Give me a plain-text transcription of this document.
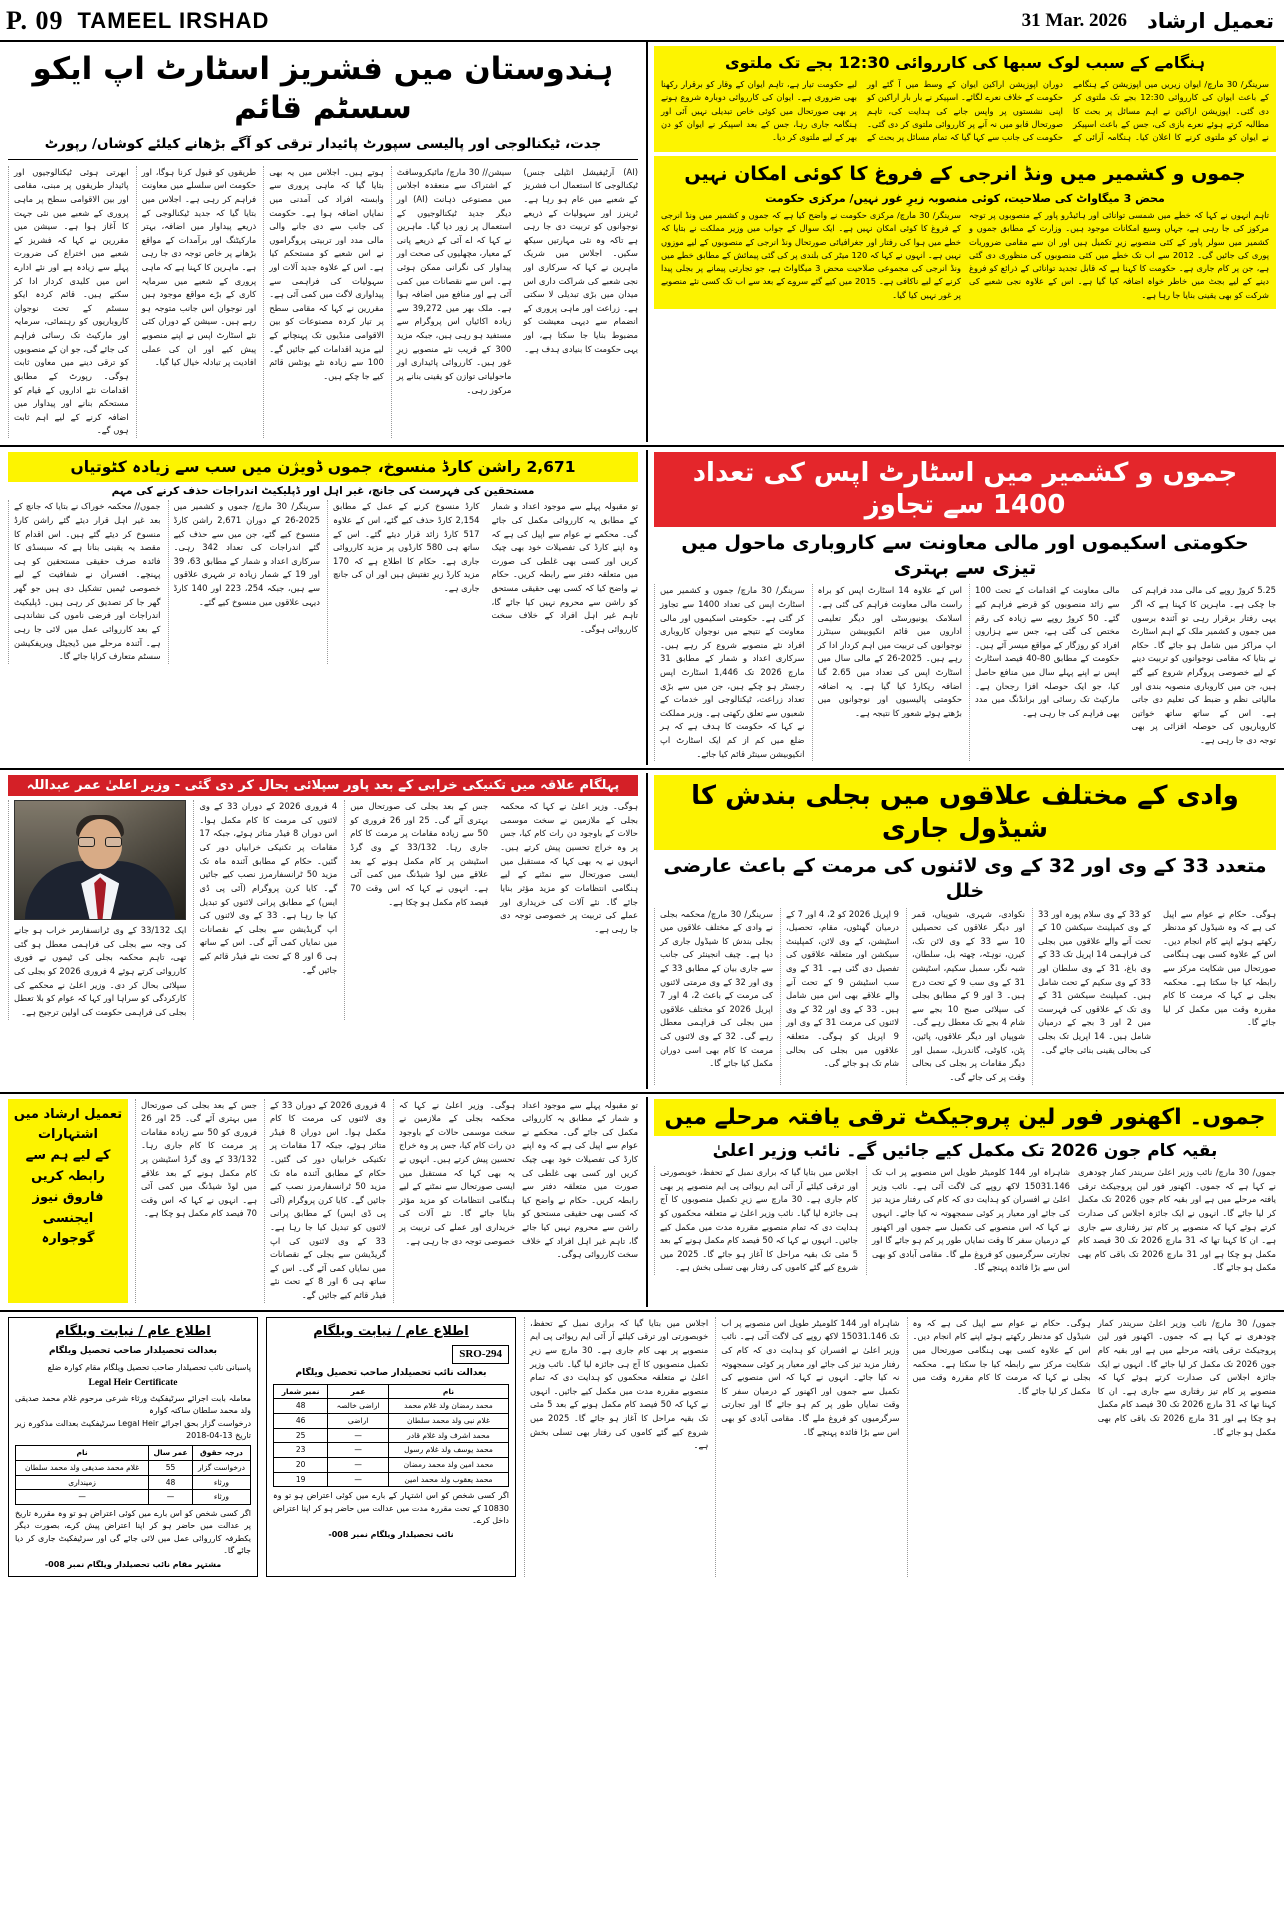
P. 09 TAMEEL IRSHAD	31 Mar. 2026 تعمیل ارشاد
ہندوستان میں فشریز اسٹارٹ اپ ایکو سسٹم قائم
جدت، ٹیکنالوجی اور پالیسی سپورٹ پائیدار ترقی کو آگے بڑھانے کیلئے کوشاں/ رپورٹ
ابھرتی ہوئی ٹیکنالوجیوں اور پائیدار طریقوں پر مبنی، مقامی اور بین الاقوامی سطح پر ماہی پروری کے شعبے میں نئی جہت کا آغاز ہوا ہے۔ سیشن میں مقررین نے کہا کہ فشریز کے شعبے میں اختراع کی ضرورت پہلے سے زیادہ ہے اور نئے ادارے اس میں کلیدی کردار ادا کر سکتے ہیں۔ قائم کردہ ایکو سسٹم کے تحت نوجوان کاروباریوں کو رہنمائی، سرمایہ اور مارکیٹ تک رسائی فراہم کی جائے گی، جو ان کے منصوبوں کو ترقی دینے میں معاون ثابت ہوگی۔ رپورٹ کے مطابق اقدامات نئے اداروں کے قیام کو مستحکم بنانے اور پیداوار میں اضافہ کرنے کے لیے اہم ثابت ہوں گے۔
طریقوں کو قبول کرنا ہوگا، اور حکومت اس سلسلے میں معاونت فراہم کر رہی ہے۔ اجلاس میں بتایا گیا کہ جدید ٹیکنالوجی کے ذریعے پیداوار میں اضافہ، بہتر مارکیٹنگ اور برآمدات کے مواقع بڑھانے پر خاص توجہ دی جا رہی ہے۔ ماہرین کا کہنا ہے کہ ماہی پروری کے شعبے میں سرمایہ کاری کے بڑے مواقع موجود ہیں اور نوجوان اس جانب متوجہ ہو رہے ہیں۔ سیشن کے دوران کئی نئے اسٹارٹ اپس نے اپنے منصوبے پیش کیے اور ان کی عملی افادیت پر تبادلہ خیال کیا گیا۔
ہوتے ہیں۔ اجلاس میں یہ بھی بتایا گیا کہ ماہی پروری سے وابستہ افراد کی آمدنی میں نمایاں اضافہ ہوا ہے۔ حکومت کی جانب سے دی جانے والی مالی مدد اور تربیتی پروگراموں نے اس شعبے کو مستحکم کیا ہے۔ اس کے علاوہ جدید آلات اور سہولیات کی فراہمی سے پیداواری لاگت میں کمی آئی ہے۔ مقررین نے کہا کہ مقامی سطح پر تیار کردہ مصنوعات کو بین الاقوامی منڈیوں تک پہنچانے کے لیے مزید اقدامات کیے جائیں گے۔ 100 سے زیادہ نئے یونٹس قائم کیے جا چکے ہیں۔
سیشن// 30 مارچ/ مائیکروسافٹ کے اشتراک سے منعقدہ اجلاس میں مصنوعی ذہانت (AI) اور دیگر جدید ٹیکنالوجیوں کے استعمال پر زور دیا گیا۔ ماہرین نے کہا کہ اے آئی کے ذریعے پانی کے معیار، مچھلیوں کی صحت اور پیداوار کی نگرانی ممکن ہوئی ہے۔ اس سے نقصانات میں کمی آئی ہے اور منافع میں اضافہ ہوا ہے۔ ملک بھر میں 39,272 سے زیادہ اکائیاں اس پروگرام سے مستفید ہو رہی ہیں، جبکہ مزید 300 کے قریب نئے منصوبے زیرِ غور ہیں۔ کارروائی پائیداری اور ماحولیاتی توازن کو یقینی بنانے پر مرکوز رہی۔
(AI) آرٹیفیشل انٹیلی جنس) ٹیکنالوجی کا استعمال اب فشریز کے شعبے میں عام ہو رہا ہے۔ ٹرینرز اور سہولیات کے ذریعے نوجوانوں کو تربیت دی جا رہی ہے تاکہ وہ نئی مہارتیں سیکھ سکیں۔ اجلاس میں شریک ماہرین نے کہا کہ سرکاری اور نجی شعبے کی شراکت داری اس میدان میں بڑی تبدیلی لا سکتی ہے۔ زراعت اور ماہی پروری کے انضمام سے دیہی معیشت کو مضبوط بنایا جا سکتا ہے، اور یہی حکومت کا بنیادی ہدف ہے۔
ہنگامے کے سبب لوک سبھا کی کارروائی 12:30 بجے تک ملتوی
سرینگر/ 30 مارچ/ ایوان زیریں میں اپوزیشن کے ہنگامے کے باعث ایوان کی کارروائی 12:30 بجے تک ملتوی کر دی گئی۔ اپوزیشن اراکین نے اہم مسائل پر بحث کا مطالبہ کرتے ہوئے نعرے بازی کی، جس کے باعث اسپیکر نے ایوان کو ملتوی کرنے کا اعلان کیا۔ ہنگامہ آرائی کے دوران اپوزیشن اراکین ایوان کے وسط میں آ گئے اور حکومت کے خلاف نعرے لگائے۔ اسپیکر نے بار بار اراکین کو اپنی نشستوں پر واپس جانے کی ہدایت کی، تاہم صورتحال قابو میں نہ آنے پر کارروائی ملتوی کر دی گئی۔ حکومت کی جانب سے کہا گیا کہ تمام مسائل پر بحث کے لیے حکومت تیار ہے، تاہم ایوان کے وقار کو برقرار رکھنا بھی ضروری ہے۔ ایوان کی کارروائی دوبارہ شروع ہونے پر بھی صورتحال میں کوئی خاص تبدیلی نہیں آئی اور ہنگامہ جاری رہا، جس کے بعد اسپیکر نے ایوان کو دن بھر کے لیے ملتوی کر دیا۔
جموں و کشمیر میں ونڈ انرجی کے فروغ کا کوئی امکان نہیں
محض 3 میگاواٹ کی صلاحیت، کوئی منصوبہ زیرِ غور نہیں/ مرکزی حکومت
سرینگر/ 30 مارچ/ مرکزی حکومت نے واضح کیا ہے کہ جموں و کشمیر میں ونڈ انرجی کے فروغ کا کوئی امکان نہیں ہے۔ ایک سوال کے جواب میں وزیر مملکت نے بتایا کہ خطے میں ہوا کی رفتار اور جغرافیائی صورتحال ونڈ انرجی کے منصوبوں کے لیے موزوں نہیں ہے۔ انہوں نے کہا کہ 120 میٹر کی بلندی پر کی گئی پیمائش کے مطابق خطے میں ونڈ انرجی کی مجموعی صلاحیت محض 3 میگاواٹ ہے، جو تجارتی پیمانے پر بجلی پیدا کرنے کے لیے ناکافی ہے۔ 2015 میں کیے گئے سروے کے بعد سے اب تک کسی نئے منصوبے پر غور نہیں کیا گیا۔
تاہم انہوں نے کہا کہ خطے میں شمسی توانائی اور ہائیڈرو پاور کے منصوبوں پر توجہ مرکوز کی جا رہی ہے، جہاں وسیع امکانات موجود ہیں۔ وزارت کے مطابق جموں و کشمیر میں سولر پاور کے کئی منصوبے زیرِ تکمیل ہیں اور ان سے مقامی ضروریات پوری کی جائیں گی۔ 2012 سے اب تک خطے میں کئی منصوبوں کی منظوری دی گئی ہے، جن پر کام جاری ہے۔ حکومت کا کہنا ہے کہ قابل تجدید توانائی کے ذرائع کو فروغ دینے کے لیے بجٹ میں خاطر خواہ اضافہ کیا گیا ہے۔ اس کے علاوہ نجی شعبے کی شرکت کو بھی یقینی بنایا جا رہا ہے۔
2,671 راشن کارڈ منسوخ، جموں ڈویژن میں سب سے زیادہ کٹوتیاں
مستحقین کی فہرست کی جانچ، غیر اہل اور ڈپلیکیٹ اندراجات حذف کرنے کی مہم
جموں// محکمہ خوراک نے بتایا کہ جانچ کے بعد غیر اہل قرار دیئے گئے راشن کارڈ منسوخ کر دیئے گئے ہیں۔ اس اقدام کا مقصد یہ یقینی بنانا ہے کہ سبسڈی کا فائدہ صرف حقیقی مستحقین کو ہی پہنچے۔ افسران نے شفافیت کے لیے خصوصی ٹیمیں تشکیل دی ہیں جو گھر گھر جا کر تصدیق کر رہی ہیں۔ ڈپلیکیٹ اندراجات اور فرضی ناموں کی نشاندہی کے بعد کارروائی عمل میں لائی جا رہی ہے۔ آئندہ مرحلے میں ڈیجیٹل ویریفکیشن سسٹم متعارف کرایا جائے گا۔
سرینگر/ 30 مارچ/ جموں و کشمیر میں 2025-26 کے دوران 2,671 راشن کارڈ منسوخ کیے گئے، جن میں سے حذف کیے گئے اندراجات کی تعداد 342 رہی۔ سرکاری اعداد و شمار کے مطابق 63، 39 اور 19 کے شمار زیادہ تر شہری علاقوں سے ہیں، جبکہ 254، 223 اور 140 کارڈ دیہی علاقوں میں منسوخ کیے گئے۔
کارڈ منسوخ کرنے کے عمل کے مطابق 2,154 کارڈ حذف کیے گئے، اس کے علاوہ 517 کارڈ زائد قرار دیئے گئے۔ اس کے ساتھ ہی 580 کارڈوں پر مزید کارروائی جاری ہے۔ حکام کا اطلاع ہے کہ 170 مزید کارڈ زیرِ تفتیش ہیں اور ان کی جانچ جاری ہے۔
تو مقبولہ پہلے سے موجود اعداد و شمار کے مطابق یہ کارروائی مکمل کی جائے گی۔ محکمے نے عوام سے اپیل کی ہے کہ وہ اپنے کارڈ کی تفصیلات خود بھی چیک کریں اور کسی بھی غلطی کی صورت میں متعلقہ دفتر سے رابطہ کریں۔ حکام نے واضح کیا کہ کسی بھی حقیقی مستحق کو راشن سے محروم نہیں کیا جائے گا، تاہم غیر اہل افراد کے خلاف سخت کارروائی ہوگی۔
جموں و کشمیر میں اسٹارٹ اپس کی تعداد 1400 سے تجاوز
حکومتی اسکیموں اور مالی معاونت سے کاروباری ماحول میں تیزی سے بہتری
سرینگر/ 30 مارچ/ جموں و کشمیر میں اسٹارٹ اپس کی تعداد 1400 سے تجاوز کر گئی ہے۔ حکومتی اسکیموں اور مالی معاونت کے نتیجے میں نوجوان کاروباری افراد نئے منصوبے شروع کر رہے ہیں۔ سرکاری اعداد و شمار کے مطابق 31 مارچ 2026 تک 1,446 اسٹارٹ اپس رجسٹر ہو چکے ہیں، جن میں سے بڑی تعداد زراعت، ٹیکنالوجی اور خدمات کے شعبوں سے تعلق رکھتی ہے۔ وزیر مملکت نے کہا کہ حکومت کا ہدف ہے کہ ہر ضلع میں کم از کم ایک اسٹارٹ اپ انکیوبیشن سینٹر قائم کیا جائے۔
اس کے علاوہ 14 اسٹارٹ اپس کو براہ راست مالی معاونت فراہم کی گئی ہے۔ اسلامک یونیورسٹی اور دیگر تعلیمی اداروں میں قائم انکیوبیشن سینٹرز نوجوانوں کی تربیت میں اہم کردار ادا کر رہے ہیں۔ 2025-26 کے مالی سال میں اسٹارٹ اپس کی تعداد میں 2.65 گنا اضافہ ریکارڈ کیا گیا ہے۔ یہ اضافہ حکومتی پالیسیوں اور نوجوانوں میں بڑھتے ہوئے شعور کا نتیجہ ہے۔
مالی معاونت کے اقدامات کے تحت 100 سے زائد منصوبوں کو قرضے فراہم کیے گئے۔ 50 کروڑ روپے سے زیادہ کی رقم مختص کی گئی ہے، جس سے ہزاروں افراد کو روزگار کے مواقع میسر آئے ہیں۔ حکومت کے مطابق 80-40 فیصد اسٹارٹ اپس نے اپنے پہلے سال میں منافع حاصل کیا، جو ایک حوصلہ افزا رجحان ہے۔ مارکیٹ تک رسائی اور برانڈنگ میں مدد بھی فراہم کی جا رہی ہے۔
5.25 کروڑ روپے کی مالی مدد فراہم کی جا چکی ہے۔ ماہرین کا کہنا ہے کہ اگر یہی رفتار برقرار رہی تو آئندہ برسوں میں جموں و کشمیر ملک کے اہم اسٹارٹ اپ مراکز میں شامل ہو جائے گا۔ حکام نے بتایا کہ مقامی نوجوانوں کو تربیت دینے کے لیے خصوصی پروگرام شروع کیے گئے ہیں، جن میں کاروباری منصوبہ بندی اور مالیاتی نظم و ضبط کی تعلیم دی جاتی ہے۔ اس کے ساتھ ساتھ خواتین کاروباریوں کی حوصلہ افزائی پر بھی توجہ دی جا رہی ہے۔
پہلگام علاقہ میں تکنیکی خرابی کے بعد پاور سپلائی بحال کر دی گئی - وزیر اعلیٰ عمر عبداللہ
ایک 33/132 کے وی ٹرانسفارمر خراب ہو جانے کی وجہ سے بجلی کی فراہمی معطل ہو گئی تھی، تاہم محکمہ بجلی کی ٹیموں نے فوری کارروائی کرتے ہوئے 4 فروری 2026 کو بجلی کی سپلائی بحال کر دی۔ وزیر اعلیٰ نے محکمے کی کارکردگی کو سراہا اور کہا کہ عوام کو بلا تعطل بجلی کی فراہمی حکومت کی اولین ترجیح ہے۔
4 فروری 2026 کے دوران 33 کے وی لائنوں کی مرمت کا کام مکمل ہوا۔ اس دوران 8 فیڈر متاثر ہوئے، جبکہ 17 مقامات پر تکنیکی خرابیاں دور کی گئیں۔ حکام کے مطابق آئندہ ماہ تک مزید 50 ٹرانسفارمرز نصب کیے جائیں گے۔ کایا کرن پروگرام (آئی پی ڈی ایس) کے مطابق پرانی لائنوں کو تبدیل کیا جا رہا ہے۔ 33 کے وی لائنوں کی اپ گریڈیشن سے بجلی کے نقصانات میں نمایاں کمی آئے گی۔ اس کے ساتھ ہی 6 اور 8 کے تحت نئے فیڈر قائم کیے جائیں گے۔
جس کے بعد بجلی کی صورتحال میں بہتری آئے گی۔ 25 اور 26 فروری کو 50 سے زیادہ مقامات پر مرمت کا کام جاری رہا۔ 33/132 کے وی گرڈ اسٹیشن پر کام مکمل ہونے کے بعد علاقے میں لوڈ شیڈنگ میں کمی آئی ہے۔ انہوں نے کہا کہ اس وقت 70 فیصد کام مکمل ہو چکا ہے۔
ہوگی۔ وزیر اعلیٰ نے کہا کہ محکمہ بجلی کے ملازمین نے سخت موسمی حالات کے باوجود دن رات کام کیا، جس پر وہ خراج تحسین پیش کرتے ہیں۔ انہوں نے یہ بھی کہا کہ مستقبل میں ایسی صورتحال سے نمٹنے کے لیے ہنگامی انتظامات کو مزید مؤثر بنایا جائے گا۔ نئے آلات کی خریداری اور عملے کی تربیت پر خصوصی توجہ دی جا رہی ہے۔
وادی کے مختلف علاقوں میں بجلی بندش کا شیڈول جاری
متعدد 33 کے وی اور 32 کے وی لائنوں کی مرمت کے باعث عارضی خلل
سرینگر/ 30 مارچ/ محکمہ بجلی نے وادی کے مختلف علاقوں میں بجلی بندش کا شیڈول جاری کر دیا ہے۔ چیف انجینئر کی جانب سے جاری بیان کے مطابق 33 کے وی اور 32 کے وی مرمتی لائنوں کی مرمت کے باعث 2، 4 اور 7 اپریل 2026 کو مختلف علاقوں میں بجلی کی فراہمی معطل رہے گی۔ 32 کے وی لائنوں کی مرمت کا کام بھی اسی دوران مکمل کیا جائے گا۔
9 اپریل 2026 کو 2، 4 اور 7 کے درمیان گھنٹوں، مقام، تحصیل، اسٹیشن، کے وی لائن، کمپلینٹ سیکشن اور متعلقہ علاقوں کی تفصیل دی گئی ہے۔ 31 کے وی سب اسٹیشن 9 کے تحت آنے والے علاقے بھی اس میں شامل ہیں۔ 33 کے وی اور 32 کے وی لائنوں کی مرمت 31 کے وی اور 9 اپریل کو ہوگی۔ متعلقہ علاقوں میں بجلی کی بحالی شام تک ہو جائے گی۔
نکوادی، شہری، شوپیاں، قمر اور دیگر علاقوں کی تحصیلیں 10 سے 33 کے وی لائن تک، کیرن، نوہٹہ، چھتہ بل، سلطان، شبہ نگر، سمبل سکیم، اسٹیشن 31 کے وی سب 9 کے تحت درج ہیں۔ 3 اور 9 کے مطابق بجلی کی سپلائی صبح 10 بجے سے شام 4 بجے تک معطل رہے گی۔ شوپیاں اور دیگر علاقوں، پائین، پٹن، کاوٹی، گاندربل، سمبل اور دیگر مقامات پر بجلی کی بحالی وقت پر کی جائے گی۔
کو 33 کے وی سلام پورہ اور 33 کے وی کمپلینٹ سیکشن 10 کے تحت آنے والے علاقوں میں بجلی کی فراہمی 14 اپریل تک 33 کے وی باغ، 31 کے وی سلطان اور 33 کے وی سکیم کے تحت شامل ہیں۔ کمپلینٹ سیکشن 31 کے وی تک کے علاقوں کی فہرست میں 2 اور 3 بجے کے درمیان شامل ہیں۔ 14 اپریل تک بجلی کی بحالی یقینی بنائی جائے گی۔
ہوگی۔ حکام نے عوام سے اپیل کی ہے کہ وہ شیڈول کو مدنظر رکھتے ہوئے اپنے کام انجام دیں۔ اس کے علاوہ کسی بھی ہنگامی صورتحال میں شکایت مرکز سے رابطہ کیا جا سکتا ہے۔ محکمہ بجلی نے کہا کہ مرمت کا کام مقررہ وقت میں مکمل کر لیا جائے گا۔
تعمیل ارشاد میں اشتہارات
کے لیے ہم سے رابطہ کریں
فاروق نیوز ایجنسی
گوجوارہ
جس کے بعد بجلی کی صورتحال میں بہتری آئے گی۔ 25 اور 26 فروری کو 50 سے زیادہ مقامات پر مرمت کا کام جاری رہا۔ 33/132 کے وی گرڈ اسٹیشن پر کام مکمل ہونے کے بعد علاقے میں لوڈ شیڈنگ میں کمی آئی ہے۔ انہوں نے کہا کہ اس وقت 70 فیصد کام مکمل ہو چکا ہے۔
4 فروری 2026 کے دوران 33 کے وی لائنوں کی مرمت کا کام مکمل ہوا۔ اس دوران 8 فیڈر متاثر ہوئے، جبکہ 17 مقامات پر تکنیکی خرابیاں دور کی گئیں۔ حکام کے مطابق آئندہ ماہ تک مزید 50 ٹرانسفارمرز نصب کیے جائیں گے۔ کایا کرن پروگرام (آئی پی ڈی ایس) کے مطابق پرانی لائنوں کو تبدیل کیا جا رہا ہے۔ 33 کے وی لائنوں کی اپ گریڈیشن سے بجلی کے نقصانات میں نمایاں کمی آئے گی۔ اس کے ساتھ ہی 6 اور 8 کے تحت نئے فیڈر قائم کیے جائیں گے۔
ہوگی۔ وزیر اعلیٰ نے کہا کہ محکمہ بجلی کے ملازمین نے سخت موسمی حالات کے باوجود دن رات کام کیا، جس پر وہ خراج تحسین پیش کرتے ہیں۔ انہوں نے یہ بھی کہا کہ مستقبل میں ایسی صورتحال سے نمٹنے کے لیے ہنگامی انتظامات کو مزید مؤثر بنایا جائے گا۔ نئے آلات کی خریداری اور عملے کی تربیت پر خصوصی توجہ دی جا رہی ہے۔
تو مقبولہ پہلے سے موجود اعداد و شمار کے مطابق یہ کارروائی مکمل کی جائے گی۔ محکمے نے عوام سے اپیل کی ہے کہ وہ اپنے کارڈ کی تفصیلات خود بھی چیک کریں اور کسی بھی غلطی کی صورت میں متعلقہ دفتر سے رابطہ کریں۔ حکام نے واضح کیا کہ کسی بھی حقیقی مستحق کو راشن سے محروم نہیں کیا جائے گا، تاہم غیر اہل افراد کے خلاف سخت کارروائی ہوگی۔
جموں۔ اکھنور فور لین پروجیکٹ ترقی یافتہ مرحلے میں
بقیہ کام جون 2026 تک مکمل کیے جائیں گے۔ نائب وزیر اعلیٰ
اجلاس میں بتایا گیا کہ براری نمبل کے تحفظ، خوبصورتی اور ترقی کیلئے آر آئی ایم ریوائی پی ایم منصوبے پر بھی کام جاری ہے۔ 30 مارچ سے زیرِ تکمیل منصوبوں کا آج ہی جائزہ لیا گیا۔ نائب وزیر اعلیٰ نے متعلقہ محکموں کو ہدایت دی کہ تمام منصوبے مقررہ مدت میں مکمل کیے جائیں۔ انہوں نے کہا کہ 50 فیصد کام مکمل ہونے کے بعد 5 مئی تک بقیہ مراحل کا آغاز ہو جائے گا۔ 2025 میں شروع کیے گئے کاموں کی رفتار بھی تسلی بخش ہے۔
شاہراہ اور 144 کلومیٹر طویل اس منصوبے پر اب تک 15031.146 لاکھ روپے کی لاگت آئی ہے۔ نائب وزیر اعلیٰ نے افسران کو ہدایت دی کہ کام کی رفتار مزید تیز کی جائے اور معیار پر کوئی سمجھوتہ نہ کیا جائے۔ انہوں نے کہا کہ اس منصوبے کی تکمیل سے جموں اور اکھنور کے درمیان سفر کا وقت نمایاں طور پر کم ہو جائے گا اور تجارتی سرگرمیوں کو فروغ ملے گا۔ مقامی آبادی کو بھی اس سے بڑا فائدہ پہنچے گا۔
جموں/ 30 مارچ/ نائب وزیر اعلیٰ سریندر کمار چودھری نے کہا ہے کہ جموں۔ اکھنور فور لین پروجیکٹ ترقی یافتہ مرحلے میں ہے اور بقیہ کام جون 2026 تک مکمل کر لیا جائے گا۔ انہوں نے ایک جائزہ اجلاس کی صدارت کرتے ہوئے کہا کہ منصوبے پر کام تیز رفتاری سے جاری ہے۔ ان کا کہنا تھا کہ 31 مارچ 2026 تک 30 فیصد کام مکمل ہو چکا ہے اور 31 مارچ 2026 تک باقی کام بھی مکمل ہو جائے گا۔
اطلاع عام / نیابت ویلگام
بعدالت تحصیلدار صاحب تحصیل ویلگام
پاسبانی نائب تحصیلدار صاحب تحصیل ویلگام مقام کوارہ ضلع
Legal Heir Certificate
معاملہ بابت اجرائے سرٹیفکیٹ ورثاء شرعی مرحوم غلام محمد صدیقی ولد محمد سلطان ساکنہ کوارہ
درخواست گزار بحق اجرائے Legal Heir سرٹیفکیٹ بعدالت مذکورہ زیر تاریخ 13-04-2018
درجہ حقوق	عمر سال	نام
درخواست گزار	55	غلام محمد صدیقی ولد محمد سلطان
ورثاء	48	زمینداری
ورثاء	—	—
اگر کسی شخص کو اس بارے میں کوئی اعتراض ہو تو وہ مقررہ تاریخ پر عدالت میں حاضر ہو کر اپنا اعتراض پیش کرے، بصورت دیگر یکطرفہ کارروائی عمل میں لائی جائے گی اور سرٹیفکیٹ جاری کر دیا جائے گا۔
مشتہر مقام نائب تحصیلدار ویلگام نمبر 008-
اطلاع عام / نیابت ویلگام
SRO-294
بعدالت نائب تحصیلدار صاحب تحصیل ویلگام
نام	عمر	نمبر شمار
محمد رمضان ولد غلام محمد	اراضی خالصہ	48
غلام نبی ولد محمد سلطان	اراضی	46
محمد اشرف ولد غلام قادر	—	25
محمد یوسف ولد غلام رسول	—	23
محمد امین ولد محمد رمضان	—	20
محمد یعقوب ولد محمد امین	—	19
اگر کسی شخص کو اس اشتہار کے بارے میں کوئی اعتراض ہو تو وہ 10830 کے تحت مقررہ مدت میں عدالت میں حاضر ہو کر اپنا اعتراض داخل کرے۔
نائب تحصیلدار ویلگام نمبر 008-
اجلاس میں بتایا گیا کہ براری نمبل کے تحفظ، خوبصورتی اور ترقی کیلئے آر آئی ایم ریوائی پی ایم منصوبے پر بھی کام جاری ہے۔ 30 مارچ سے زیرِ تکمیل منصوبوں کا آج ہی جائزہ لیا گیا۔ نائب وزیر اعلیٰ نے متعلقہ محکموں کو ہدایت دی کہ تمام منصوبے مقررہ مدت میں مکمل کیے جائیں۔ انہوں نے کہا کہ 50 فیصد کام مکمل ہونے کے بعد 5 مئی تک بقیہ مراحل کا آغاز ہو جائے گا۔ 2025 میں شروع کیے گئے کاموں کی رفتار بھی تسلی بخش ہے۔
شاہراہ اور 144 کلومیٹر طویل اس منصوبے پر اب تک 15031.146 لاکھ روپے کی لاگت آئی ہے۔ نائب وزیر اعلیٰ نے افسران کو ہدایت دی کہ کام کی رفتار مزید تیز کی جائے اور معیار پر کوئی سمجھوتہ نہ کیا جائے۔ انہوں نے کہا کہ اس منصوبے کی تکمیل سے جموں اور اکھنور کے درمیان سفر کا وقت نمایاں طور پر کم ہو جائے گا اور تجارتی سرگرمیوں کو فروغ ملے گا۔ مقامی آبادی کو بھی اس سے بڑا فائدہ پہنچے گا۔
ہوگی۔ حکام نے عوام سے اپیل کی ہے کہ وہ شیڈول کو مدنظر رکھتے ہوئے اپنے کام انجام دیں۔ اس کے علاوہ کسی بھی ہنگامی صورتحال میں شکایت مرکز سے رابطہ کیا جا سکتا ہے۔ محکمہ بجلی نے کہا کہ مرمت کا کام مقررہ وقت میں مکمل کر لیا جائے گا۔
جموں/ 30 مارچ/ نائب وزیر اعلیٰ سریندر کمار چودھری نے کہا ہے کہ جموں۔ اکھنور فور لین پروجیکٹ ترقی یافتہ مرحلے میں ہے اور بقیہ کام جون 2026 تک مکمل کر لیا جائے گا۔ انہوں نے ایک جائزہ اجلاس کی صدارت کرتے ہوئے کہا کہ منصوبے پر کام تیز رفتاری سے جاری ہے۔ ان کا کہنا تھا کہ 31 مارچ 2026 تک 30 فیصد کام مکمل ہو چکا ہے اور 31 مارچ 2026 تک باقی کام بھی مکمل ہو جائے گا۔
